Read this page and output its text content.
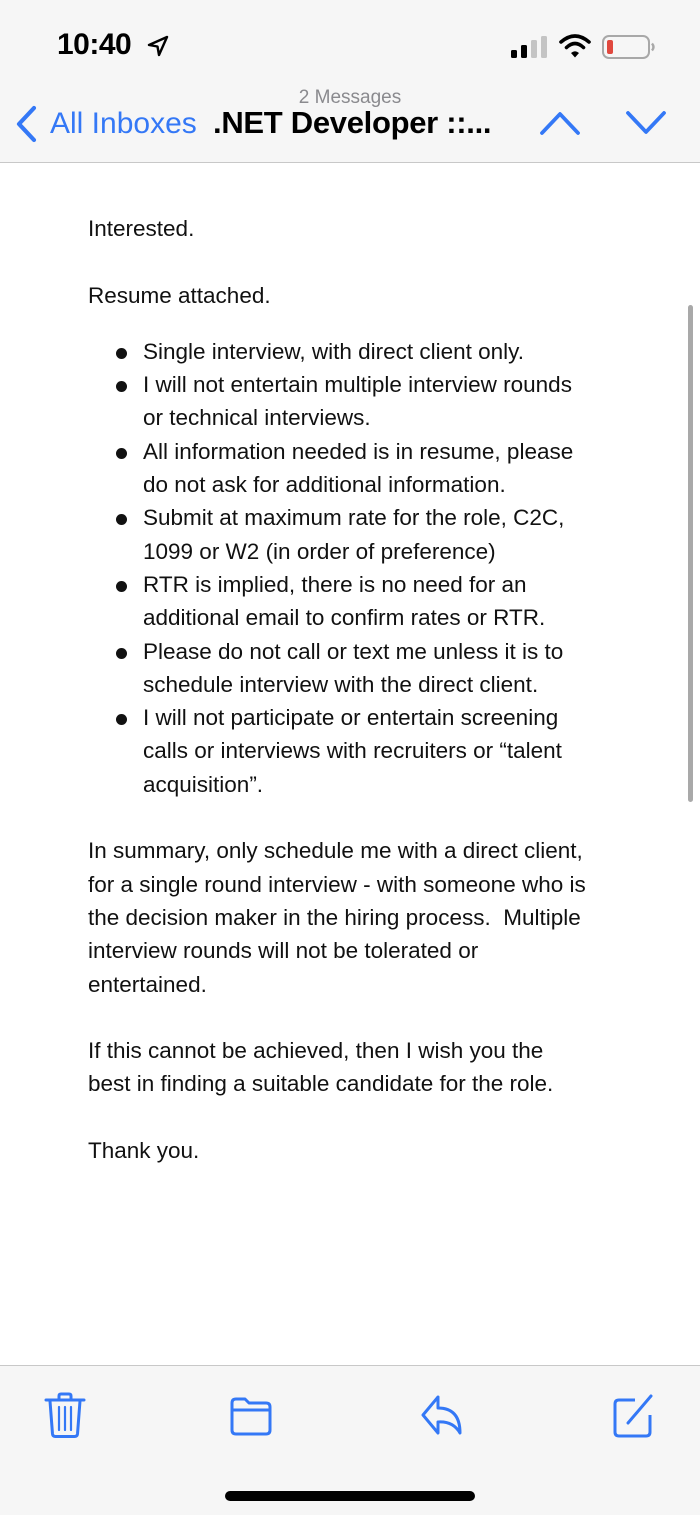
10:40
2 Messages
All Inboxes .NET Developer ::...

Interested.

Resume attached.

Single interview, with direct client only.
I will not entertain multiple interview rounds or technical interviews.
All information needed is in resume, please do not ask for additional information.
Submit at maximum rate for the role, C2C, 1099 or W2 (in order of preference)
RTR is implied, there is no need for an additional email to confirm rates or RTR.
Please do not call or text me unless it is to schedule interview with the direct client.
I will not participate or entertain screening calls or interviews with recruiters or “talent acquisition”.

In summary, only schedule me with a direct client, for a single round interview - with someone who is the decision maker in the hiring process.  Multiple interview rounds will not be tolerated or entertained.

If this cannot be achieved, then I wish you the best in finding a suitable candidate for the role.

Thank you.
